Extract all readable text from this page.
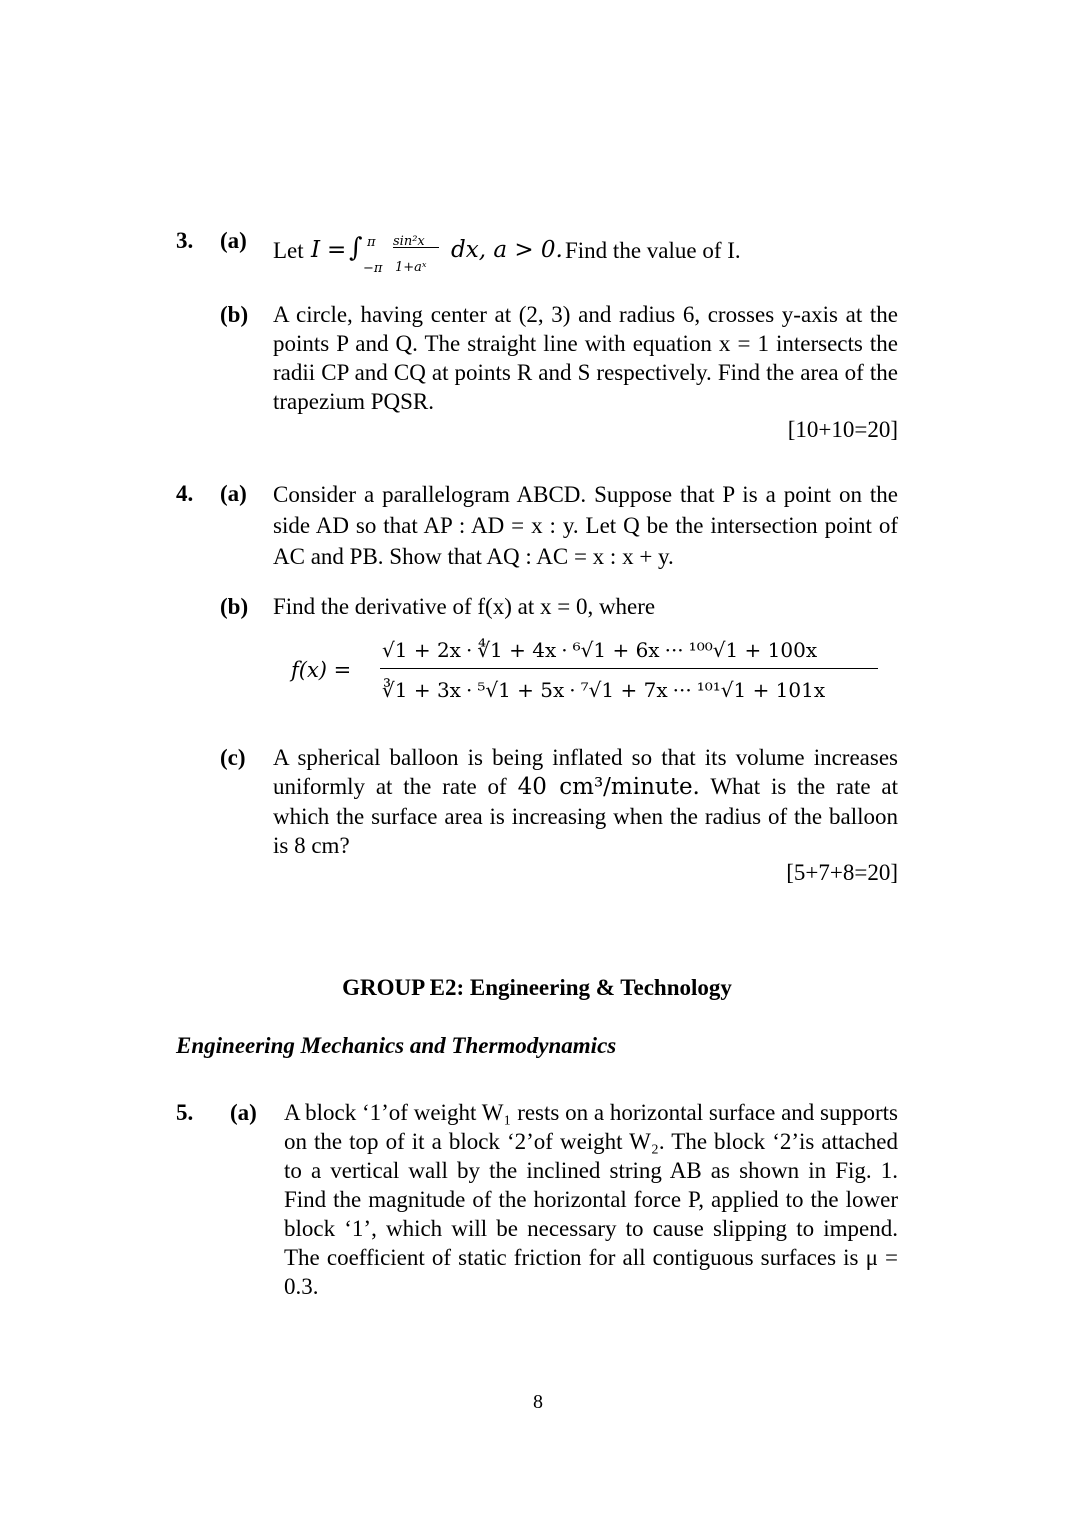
3. (a) Let I = ∫ π
−π
sin²x
1+aˣ
dx, a > 0. Find the value of I.
(b) A circle, having center at (2, 3) and radius 6, crosses y-axis at the points P and Q. The straight line with equation x = 1 intersects the radii CP and CQ at points R and S respectively. Find the area of the trapezium PQSR.
[10+10=20]
4. (a) Consider a parallelogram ABCD. Suppose that P is a point on the side AD so that AP : AD = x : y. Let Q be the intersection point of AC and PB. Show that AQ : AC = x : x + y.
(b) Find the derivative of f(x) at x = 0, where
f(x) =
√1 + 2x · ∜1 + 4x · ⁶√1 + 6x ··· ¹⁰⁰√1 + 100x
∛1 + 3x · ⁵√1 + 5x · ⁷√1 + 7x ··· ¹⁰¹√1 + 101x
(c) A spherical balloon is being inflated so that its volume increases uniformly at the rate of 40 cm³/minute. What is the rate at which the surface area is increasing when the radius of the balloon is 8 cm?
[5+7+8=20]
GROUP E2: Engineering & Technology
Engineering Mechanics and Thermodynamics
5. (a) A block ‘1’of weight W₁ rests on a horizontal surface and supports on the top of it a block ‘2’of weight W₂. The block ‘2’is attached to a vertical wall by the inclined string AB as shown in Fig. 1. Find the magnitude of the horizontal force P, applied to the lower block ‘1’, which will be necessary to cause slipping to impend. The coefficient of static friction for all contiguous surfaces is μ = 0.3.
8
